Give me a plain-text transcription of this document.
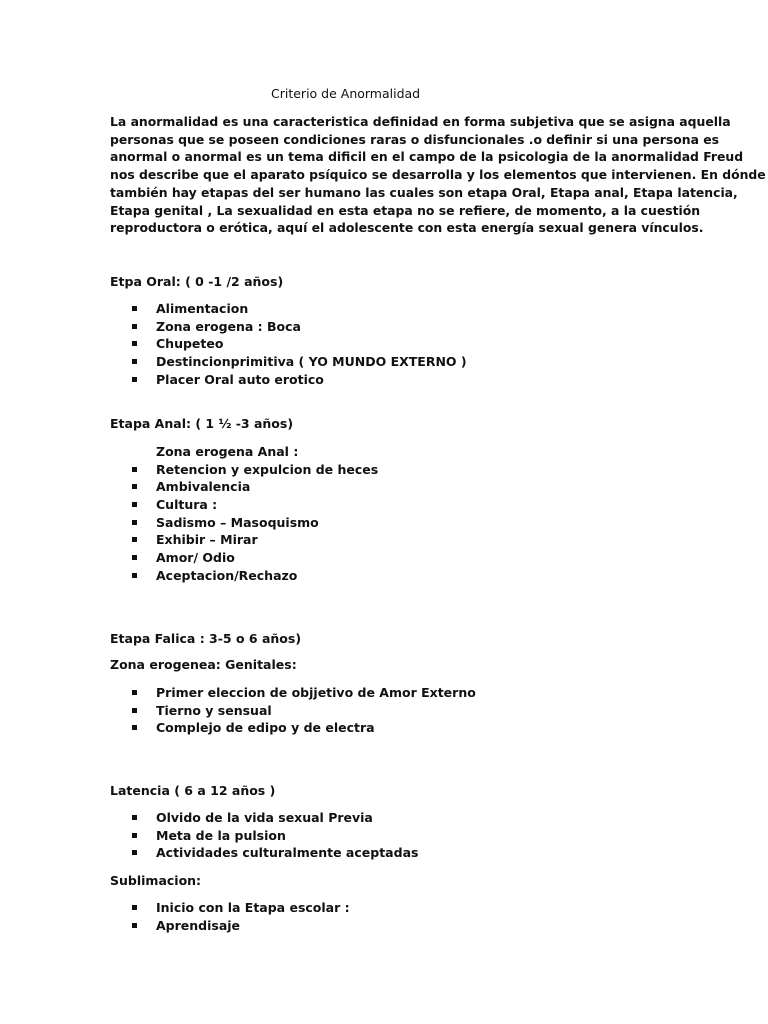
Criterio de Anormalidad
La anormalidad es una caracteristica definidad en forma subjetiva que se asigna aquella
personas que se poseen condiciones raras o disfuncionales .o definir si una persona es
anormal o anormal es un tema dificil en el campo de la psicologia de la anormalidad Freud
nos describe que el aparato psíquico se desarrolla y los elementos que intervienen. En dónde
también hay etapas del ser humano las cuales son etapa Oral, Etapa anal, Etapa latencia,
Etapa genital , La sexualidad en esta etapa no se refiere, de momento, a la cuestión
reproductora o erótica, aquí el adolescente con esta energía sexual genera vínculos.
Etpa Oral: ( 0 -1 /2 años)
Alimentacion
Zona erogena : Boca
Chupeteo
Destincionprimitiva ( YO MUNDO EXTERNO )
Placer Oral auto erotico
Etapa Anal: ( 1 ½ -3 años)
Zona erogena Anal :
Retencion y expulcion de heces
Ambivalencia
Cultura :
Sadismo – Masoquismo
Exhibir – Mirar
Amor/ Odio
Aceptacion/Rechazo
Etapa Falica : 3-5 o 6 años)
Zona erogenea: Genitales:
Primer eleccion de objjetivo de Amor Externo
Tierno y sensual
Complejo de edipo y de electra
Latencia ( 6 a 12 años )
Olvido de la vida sexual Previa
Meta de la pulsion
Actividades culturalmente aceptadas
Sublimacion:
Inicio con la Etapa escolar :
Aprendisaje
